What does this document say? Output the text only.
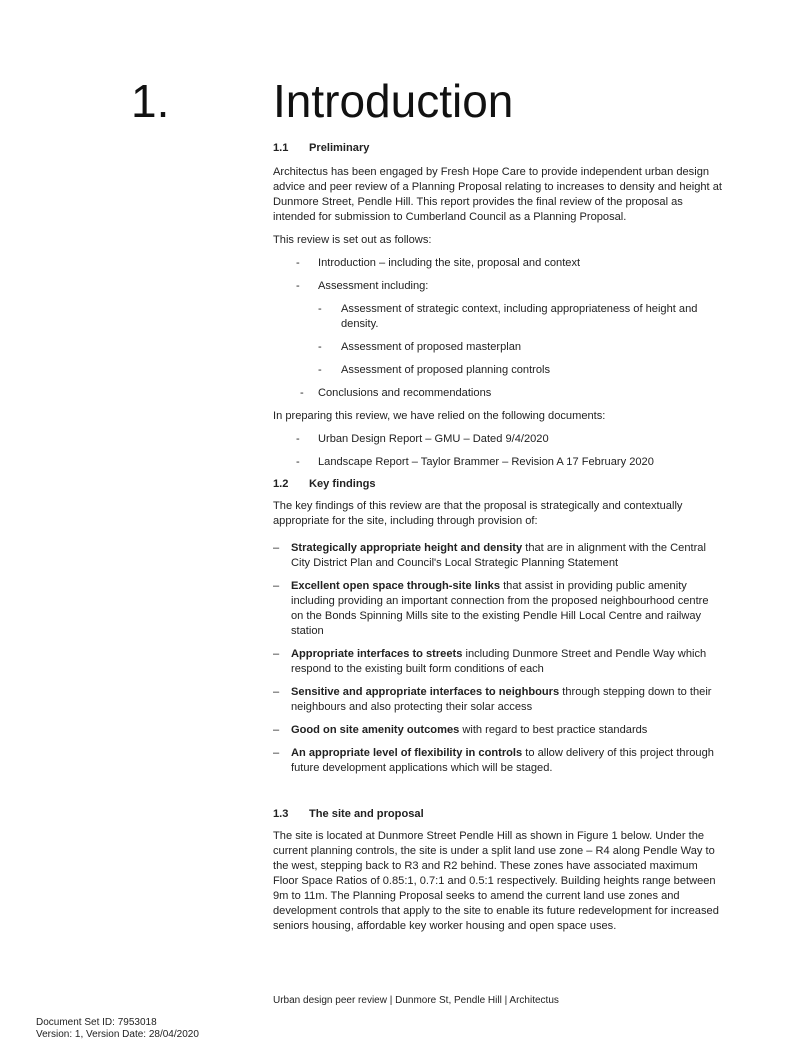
1. Introduction
1.1 Preliminary

Architectus has been engaged by Fresh Hope Care to provide independent urban design advice and peer review of a Planning Proposal relating to increases to density and height at Dunmore Street, Pendle Hill. This report provides the final review of the proposal as intended for submission to Cumberland Council as a Planning Proposal.

This review is set out as follows:

- Introduction – including the site, proposal and context
- Assessment including:
- Assessment of strategic context, including appropriateness of height and density.
- Assessment of proposed masterplan
- Assessment of proposed planning controls
- Conclusions and recommendations

In preparing this review, we have relied on the following documents:

- Urban Design Report – GMU – Dated 9/4/2020
- Landscape Report – Taylor Brammer – Revision A 17 February 2020
1.2 Key findings

The key findings of this review are that the proposal is strategically and contextually appropriate for the site, including through provision of:

– Strategically appropriate height and density that are in alignment with the Central City District Plan and Council's Local Strategic Planning Statement
– Excellent open space through-site links that assist in providing public amenity including providing an important connection from the proposed neighbourhood centre on the Bonds Spinning Mills site to the existing Pendle Hill Local Centre and railway station
– Appropriate interfaces to streets including Dunmore Street and Pendle Way which respond to the existing built form conditions of each
– Sensitive and appropriate interfaces to neighbours through stepping down to their neighbours and also protecting their solar access
– Good on site amenity outcomes with regard to best practice standards
– An appropriate level of flexibility in controls to allow delivery of this project through future development applications which will be staged.
1.3 The site and proposal

The site is located at Dunmore Street Pendle Hill as shown in Figure 1 below. Under the current planning controls, the site is under a split land use zone – R4 along Pendle Way to the west, stepping back to R3 and R2 behind. These zones have associated maximum Floor Space Ratios of 0.85:1, 0.7:1 and 0.5:1 respectively. Building heights range between 9m to 11m. The Planning Proposal seeks to amend the current land use zones and development controls that apply to the site to enable its future redevelopment for increased seniors housing, affordable key worker housing and open space uses.

Urban design peer review | Dunmore St, Pendle Hill | Architectus
Document Set ID: 7953018
Version: 1, Version Date: 28/04/2020
